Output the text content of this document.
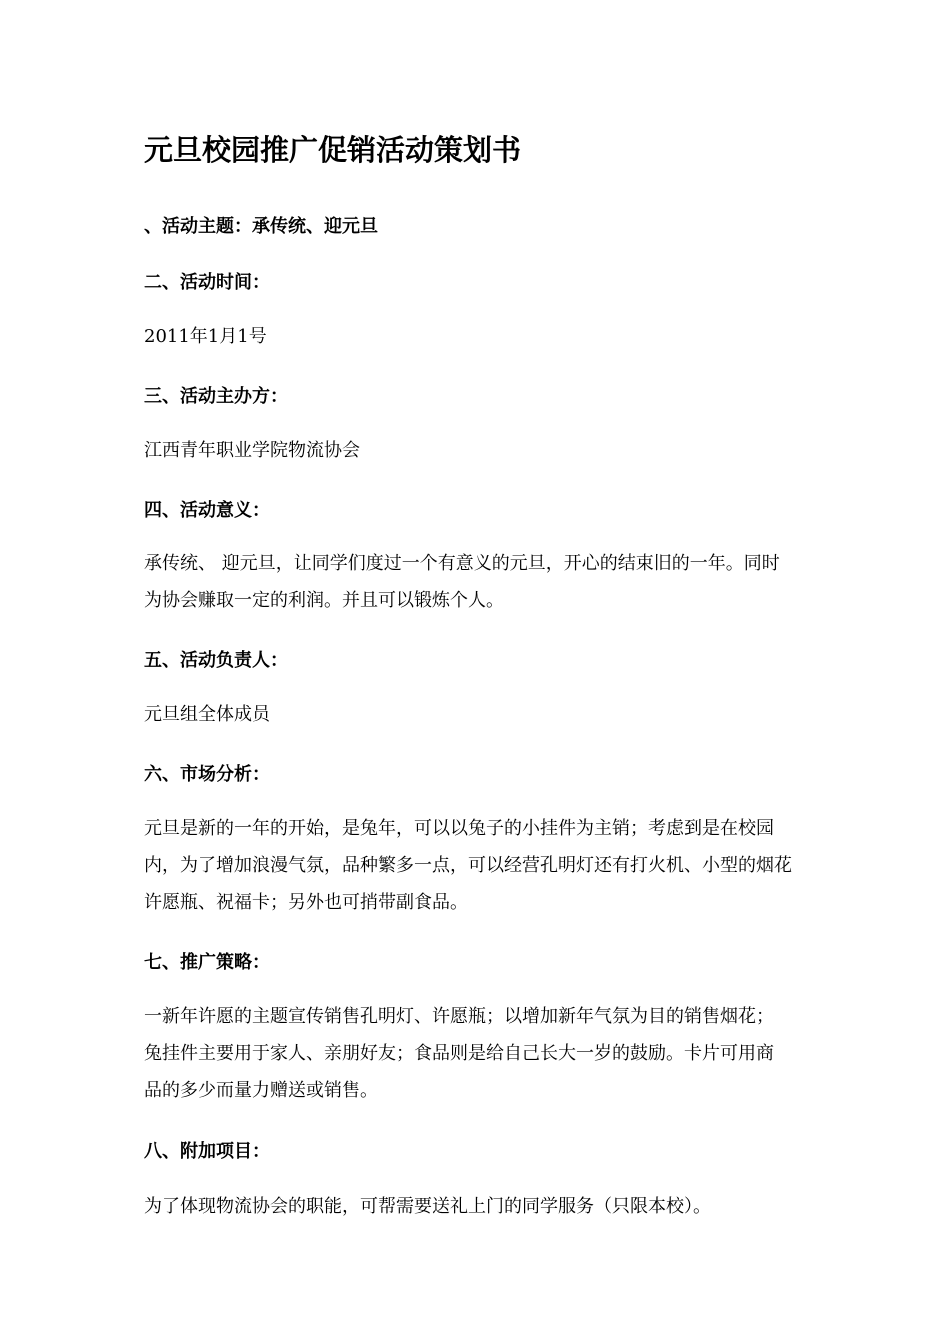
元旦校园推广促销活动策划书

、活动主题：承传统、迎元旦

二、活动时间：

2011年1月1号

三、活动主办方：

江西青年职业学院物流协会

四、活动意义：

承传统、 迎元旦，让同学们度过一个有意义的元旦，开心的结束旧的一年。同时
为协会赚取一定的利润。并且可以锻炼个人。

五、活动负责人：

元旦组全体成员

六、市场分析：

元旦是新的一年的开始，是兔年，可以以兔子的小挂件为主销；考虑到是在校园
内，为了增加浪漫气氛，品种繁多一点，可以经营孔明灯还有打火机、小型的烟花
许愿瓶、祝福卡；另外也可捎带副食品。

七、推广策略：

一新年许愿的主题宣传销售孔明灯、许愿瓶；以增加新年气氛为目的销售烟花；
兔挂件主要用于家人、亲朋好友；食品则是给自己长大一岁的鼓励。卡片可用商
品的多少而量力赠送或销售。

八、附加项目：

为了体现物流协会的职能，可帮需要送礼上门的同学服务（只限本校）。
